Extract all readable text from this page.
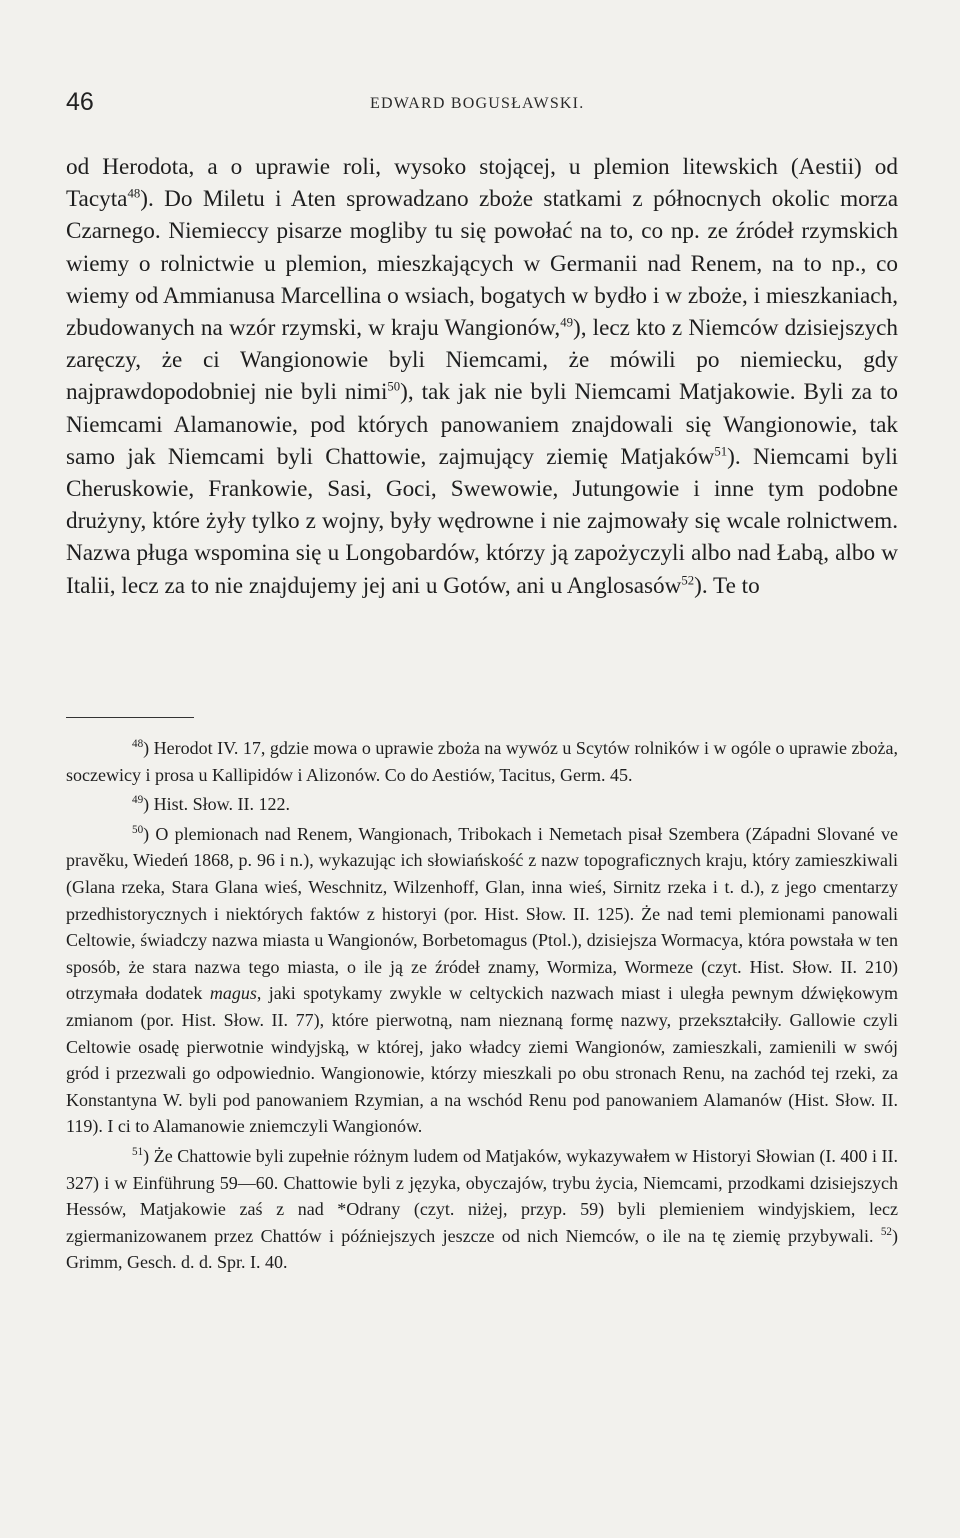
46	EDWARD BOGUSŁAWSKI.

od Herodota, a o uprawie roli, wysoko stojącej, u plemion litewskich (Aestii) od Tacyta$^{48}$). Do Miletu i Aten sprowadzano zboże statkami z północnych okolic morza Czarnego. Niemieccy pisarze mogliby tu się powołać na to, co np. ze źródeł rzymskich wiemy o rolnictwie u plemion, mieszkających w Germanii nad Renem, na to np., co wiemy od Ammianusa Marcellina o wsiach, bogatych w bydło i w zboże, i mieszkaniach, zbudowanych na wzór rzymski, w kraju Wangionów,$^{49}$), lecz kto z Niemców dzisiejszych zaręczy, że ci Wangionowie byli Niemcami, że mówili po niemiecku, gdy najprawdopodobniej nie byli nimi$^{50}$), tak jak nie byli Niemcami Matjakowie. Byli za to Niemcami Alamanowie, pod których panowaniem znajdowali się Wangionowie, tak samo jak Niemcami byli Chattowie, zajmujący ziemię Matjaków$^{51}$). Niemcami byli Cheruskowie, Frankowie, Sasi, Goci, Swewowie, Jutungowie i inne tym podobne drużyny, które żyły tylko z wojny, były wędrowne i nie zajmowały się wcale rolnictwem. Nazwa pługa wspomina się u Longobardów, którzy ją zapożyczyli albo nad Łabą, albo w Italii, lecz za to nie znajdujemy jej ani u Gotów, ani u Anglosasów$^{52}$). Te to

$^{48}$) Herodot IV. 17, gdzie mowa o uprawie zboża na wywóz u Scytów rolników i w ogóle o uprawie zboża, soczewicy i prosa u Kallipidów i Alizonów. Co do Aestiów, Tacitus, Germ. 45.

$^{49}$) Hist. Słow. II. 122.

$^{50}$) O plemionach nad Renem, Wangionach, Tribokach i Nemetach pisał Szembera (Západni Slované ve pravěku, Wiedeń 1868, p. 96 i n.), wykazując ich słowiańskość z nazw topograficznych kraju, który zamieszkiwali (Glana rzeka, Stara Glana wieś, Weschnitz, Wilzenhoff, Glan, inna wieś, Sirnitz rzeka i t. d.), z jego cmentarzy przedhistorycznych i niektórych faktów z historyi (por. Hist. Słow. II. 125). Że nad temi plemionami panowali Celtowie, świadczy nazwa miasta u Wangionów, Borbetomagus (Ptol.), dzisiejsza Wormacya, która powstała w ten sposób, że stara nazwa tego miasta, o ile ją ze źródeł znamy, Wormiza, Wormeze (czyt. Hist. Słow. II. 210) otrzymała dodatek magus, jaki spotykamy zwykle w celtyckich nazwach miast i uległa pewnym dźwiękowym zmianom (por. Hist. Słow. II. 77), które pierwotną, nam nieznaną formę nazwy, przekształciły. Gallowie czyli Celtowie osadę pierwotnie windyjską, w której, jako władcy ziemi Wangionów, zamieszkali, zamienili w swój gród i przezwali go odpowiednio. Wangionowie, którzy mieszkali po obu stronach Renu, na zachód tej rzeki, za Konstantyna W. byli pod panowaniem Rzymian, a na wschód Renu pod panowaniem Alamanów (Hist. Słow. II. 119). I ci to Alamanowie zniemczyli Wangionów.

$^{51}$) Że Chattowie byli zupełnie różnym ludem od Matjaków, wykazywałem w Historyi Słowian (I. 400 i II. 327) i w Einführung 59—60. Chattowie byli z języka, obyczajów, trybu życia, Niemcami, przodkami dzisiejszych Hessów, Matjakowie zaś z nad *Odrany (czyt. niżej, przyp. 59) byli plemieniem windyjskiem, lecz zgiermanizowanem przez Chattów i późniejszych jeszcze od nich Niemców, o ile na tę ziemię przybywali. $^{52}$) Grimm, Gesch. d. d. Spr. I. 40.
